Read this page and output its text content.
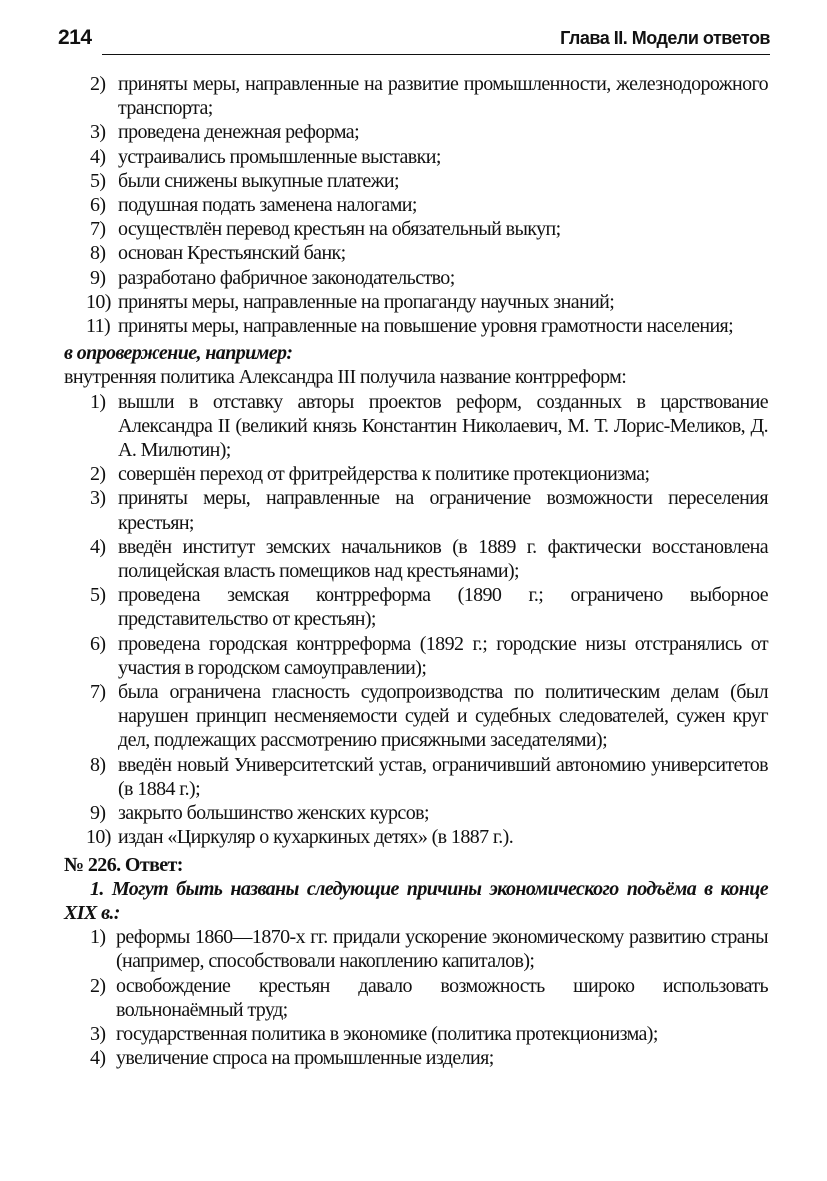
214	Глава II. Модели ответов
2) приняты меры, направленные на развитие промышленности, железнодорожного транспорта;
3) проведена денежная реформа;
4) устраивались промышленные выставки;
5) были снижены выкупные платежи;
6) подушная подать заменена налогами;
7) осуществлён перевод крестьян на обязательный выкуп;
8) основан Крестьянский банк;
9) разработано фабричное законодательство;
10) приняты меры, направленные на пропаганду научных знаний;
11) приняты меры, направленные на повышение уровня грамотности населения;
в опровержение, например:
внутренняя политика Александра III получила название контрреформ:
1) вышли в отставку авторы проектов реформ, созданных в царствование Александра II (великий князь Константин Николаевич, М. Т. Лорис-Меликов, Д. А. Милютин);
2) совершён переход от фритрейдерства к политике протекционизма;
3) приняты меры, направленные на ограничение возможности переселения крестьян;
4) введён институт земских начальников (в 1889 г. фактически восстановлена полицейская власть помещиков над крестьянами);
5) проведена земская контрреформа (1890 г.; ограничено выборное представительство от крестьян);
6) проведена городская контрреформа (1892 г.; городские низы отстранялись от участия в городском самоуправлении);
7) была ограничена гласность судопроизводства по политическим делам (был нарушен принцип несменяемости судей и судебных следователей, сужен круг дел, подлежащих рассмотрению присяжными заседателями);
8) введён новый Университетский устав, ограничивший автономию университетов (в 1884 г.);
9) закрыто большинство женских курсов;
10) издан «Циркуляр о кухаркиных детях» (в 1887 г.).
№ 226. Ответ:
1. Могут быть названы следующие причины экономического подъёма в конце XIX в.:
1) реформы 1860—1870-х гг. придали ускорение экономическому развитию страны (например, способствовали накоплению капиталов);
2) освобождение крестьян давало возможность широко использовать вольнонаёмный труд;
3) государственная политика в экономике (политика протекционизма);
4) увеличение спроса на промышленные изделия;
